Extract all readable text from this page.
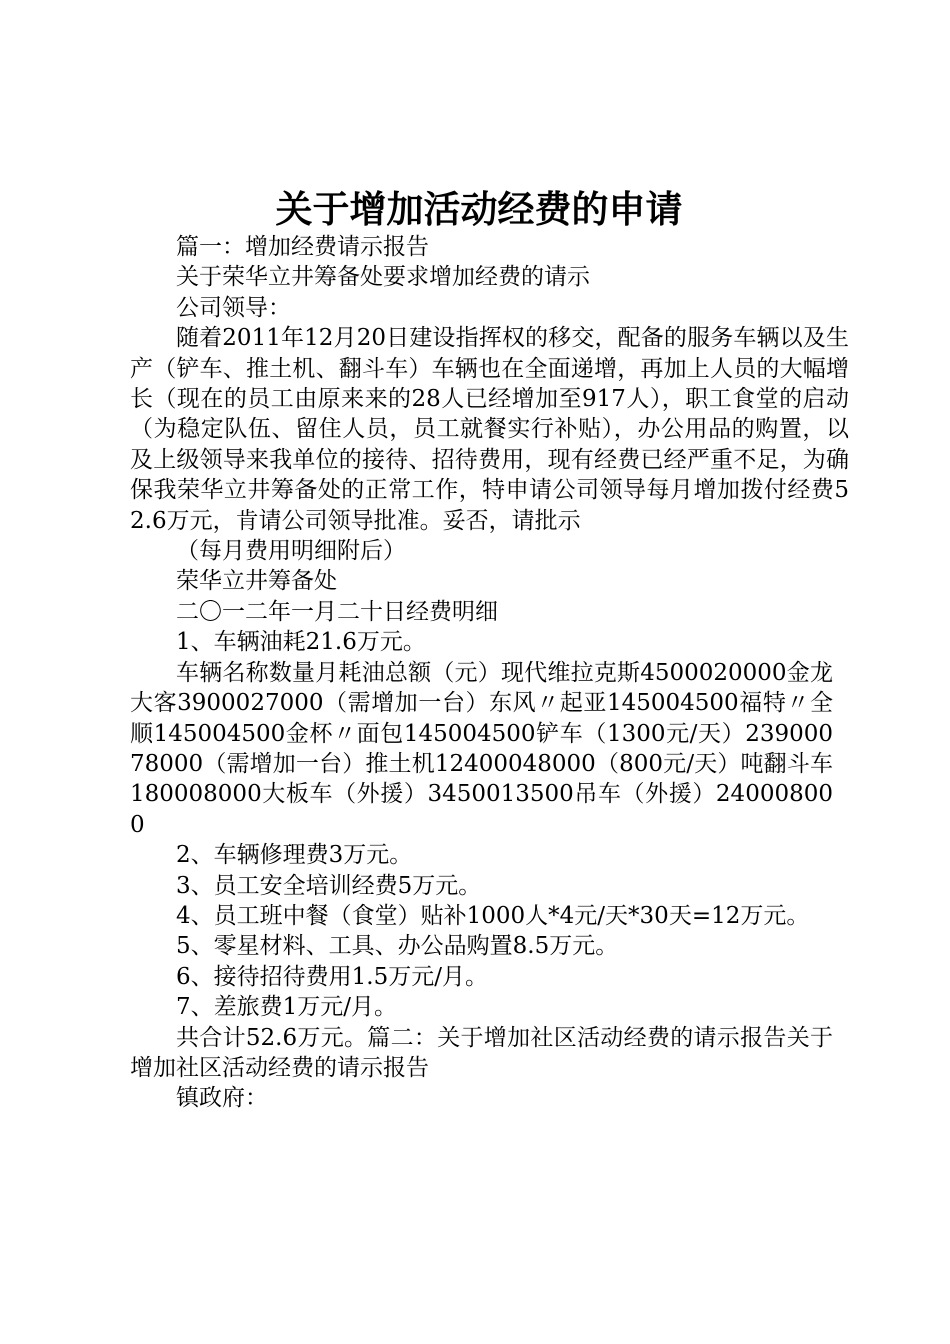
关于增加活动经费的申请

篇一：增加经费请示报告

关于荣华立井筹备处要求增加经费的请示

公司领导：

随着2011年12月20日建设指挥权的移交，配备的服务车辆以及生产（铲车、推土机、翻斗车）车辆也在全面递增，再加上人员的大幅增长（现在的员工由原来来的28人已经增加至917人），职工食堂的启动（为稳定队伍、留住人员，员工就餐实行补贴），办公用品的购置，以及上级领导来我单位的接待、招待费用，现有经费已经严重不足，为确保我荣华立井筹备处的正常工作，特申请公司领导每月增加拨付经费52.6万元，肯请公司领导批准。妥否，请批示

（每月费用明细附后）

荣华立井筹备处

二〇一二年一月二十日经费明细

1、车辆油耗21.6万元。

车辆名称数量月耗油总额（元）现代维拉克斯4500020000金龙大客3900027000（需增加一台）东风〃起亚145004500福特〃全顺145004500金杯〃面包145004500铲车（1300元/天）23900078000（需增加一台）推土机12400048000（800元/天）吨翻斗车180008000大板车（外援）3450013500吊车（外援）240008000

2、车辆修理费3万元。

3、员工安全培训经费5万元。

4、员工班中餐（食堂）贴补1000人*4元/天*30天=12万元。

5、零星材料、工具、办公品购置8.5万元。

6、接待招待费用1.5万元/月。

7、差旅费1万元/月。

共合计52.6万元。篇二：关于增加社区活动经费的请示报告关于增加社区活动经费的请示报告

镇政府：
